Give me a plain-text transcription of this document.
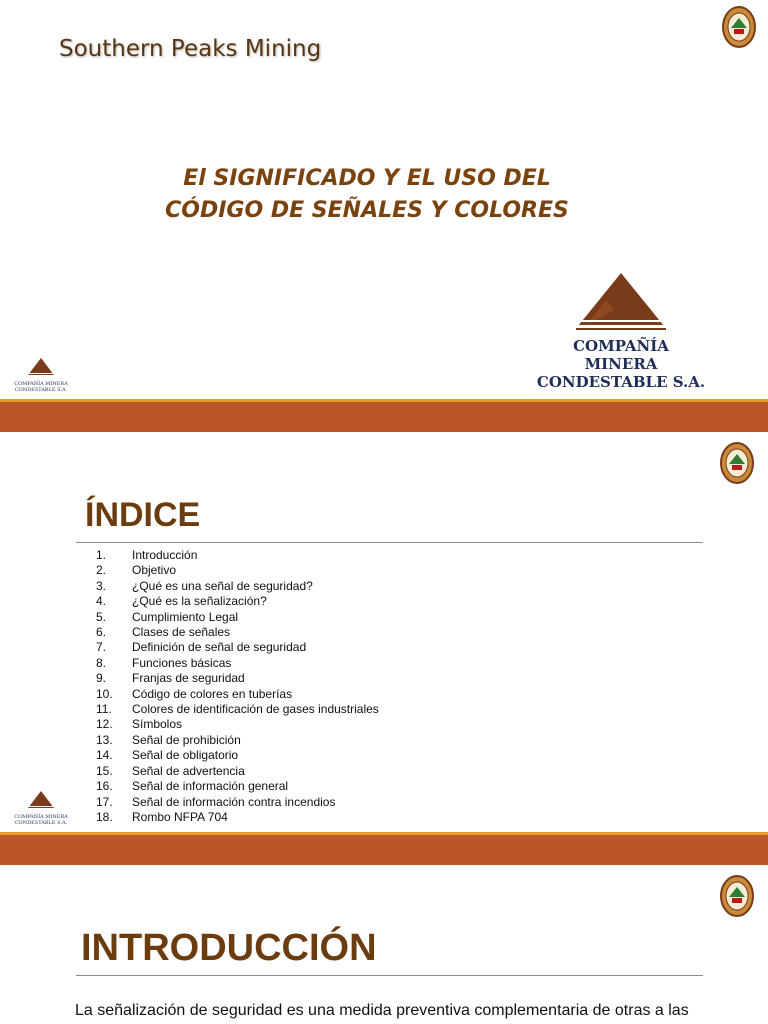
Southern Peaks Mining
El SIGNIFICADO Y EL USO DEL
CÓDIGO DE SEÑALES Y COLORES
COMPAÑÍA MINERA
CONDESTABLE S.A.
COMPAÑÍA MINERA
CONDESTABLE S.A.
ÍNDICE
1.	Introducción
2.	Objetivo
3.	¿Qué es una señal de seguridad?
4.	¿Qué es la señalización?
5.	Cumplimiento Legal
6.	Clases de señales
7.	Definición de señal de seguridad
8.	Funciones básicas
9.	Franjas de seguridad
10.	Código de colores en tuberías
11.	Colores de identificación de gases industriales
12.	Símbolos
13.	Señal de prohibición
14.	Señal de obligatorio
15.	Señal de advertencia
16.	Señal de información general
17.	Señal de información contra incendios
18.	Rombo NFPA 704
COMPAÑÍA MINERA
CONDESTABLE S.A.
INTRODUCCIÓN
La señalización de seguridad es una medida preventiva complementaria de otras a las
